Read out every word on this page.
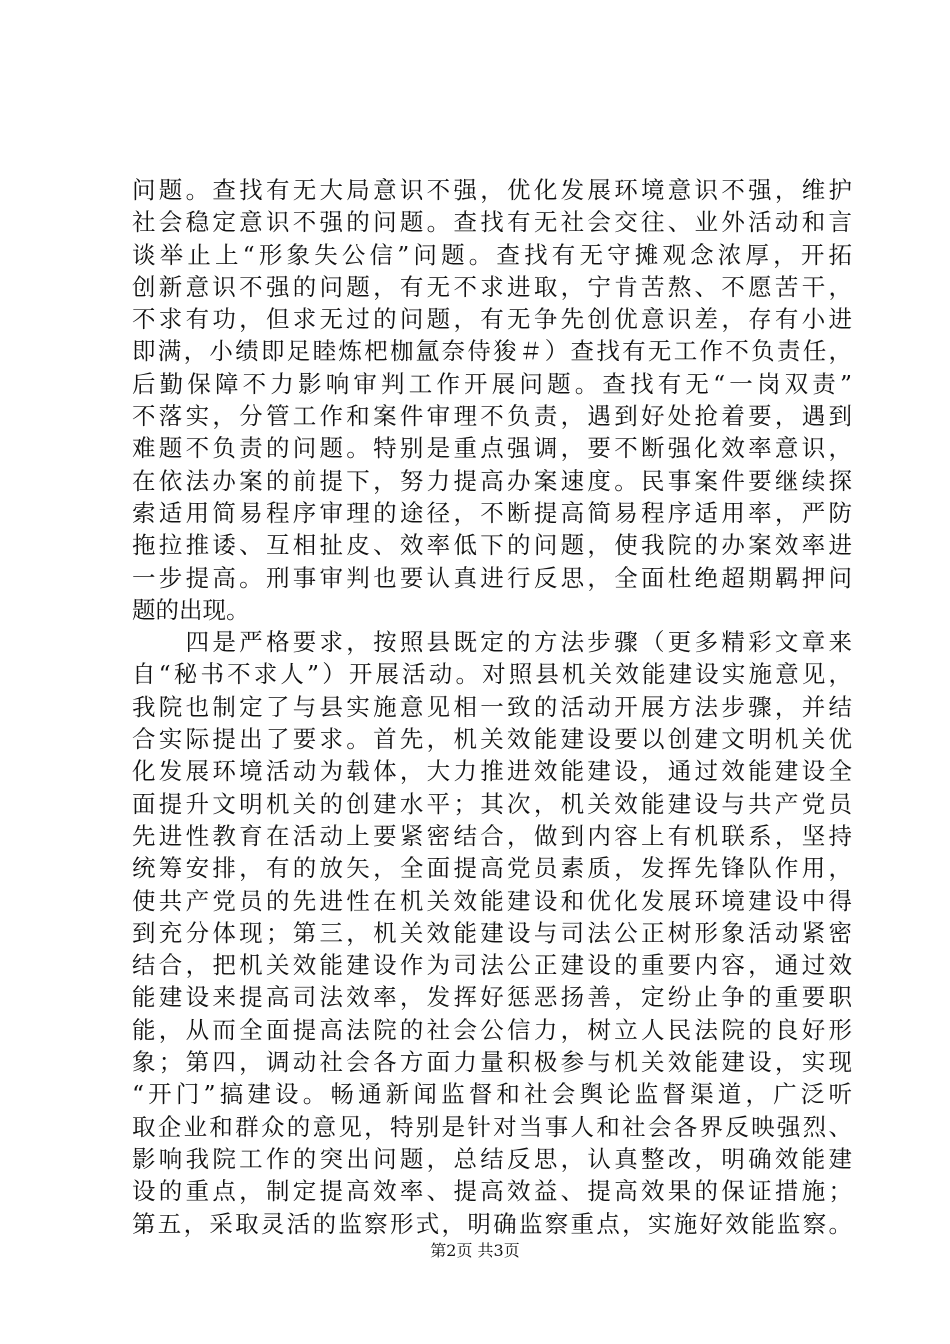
问题。查找有无大局意识不强，优化发展环境意识不强，维护
社会稳定意识不强的问题。查找有无社会交往、业外活动和言
谈举止上“形象失公信”问题。查找有无守摊观念浓厚，开拓
创新意识不强的问题，有无不求进取，宁肯苦熬、不愿苦干，
不求有功，但求无过的问题，有无争先创优意识差，存有小进
即满，小绩即足睦炼杷枷氲奈侍狻＃）查找有无工作不负责任，
后勤保障不力影响审判工作开展问题。查找有无“一岗双责”
不落实，分管工作和案件审理不负责，遇到好处抢着要，遇到
难题不负责的问题。特别是重点强调，要不断强化效率意识，
在依法办案的前提下，努力提高办案速度。民事案件要继续探
索适用简易程序审理的途径，不断提高简易程序适用率，严防
拖拉推诿、互相扯皮、效率低下的问题，使我院的办案效率进
一步提高。刑事审判也要认真进行反思，全面杜绝超期羁押问
题的出现。
　　四是严格要求，按照县既定的方法步骤（更多精彩文章来
自“秘书不求人”）开展活动。对照县机关效能建设实施意见，
我院也制定了与县实施意见相一致的活动开展方法步骤，并结
合实际提出了要求。首先，机关效能建设要以创建文明机关优
化发展环境活动为载体，大力推进效能建设，通过效能建设全
面提升文明机关的创建水平；其次，机关效能建设与共产党员
先进性教育在活动上要紧密结合，做到内容上有机联系，坚持
统筹安排，有的放矢，全面提高党员素质，发挥先锋队作用，
使共产党员的先进性在机关效能建设和优化发展环境建设中得
到充分体现；第三，机关效能建设与司法公正树形象活动紧密
结合，把机关效能建设作为司法公正建设的重要内容，通过效
能建设来提高司法效率，发挥好惩恶扬善，定纷止争的重要职
能，从而全面提高法院的社会公信力，树立人民法院的良好形
象；第四，调动社会各方面力量积极参与机关效能建设，实现
“开门”搞建设。畅通新闻监督和社会舆论监督渠道，广泛听
取企业和群众的意见，特别是针对当事人和社会各界反映强烈、
影响我院工作的突出问题，总结反思，认真整改，明确效能建
设的重点，制定提高效率、提高效益、提高效果的保证措施；
第五，采取灵活的监察形式，明确监察重点，实施好效能监察。
第2页 共3页
